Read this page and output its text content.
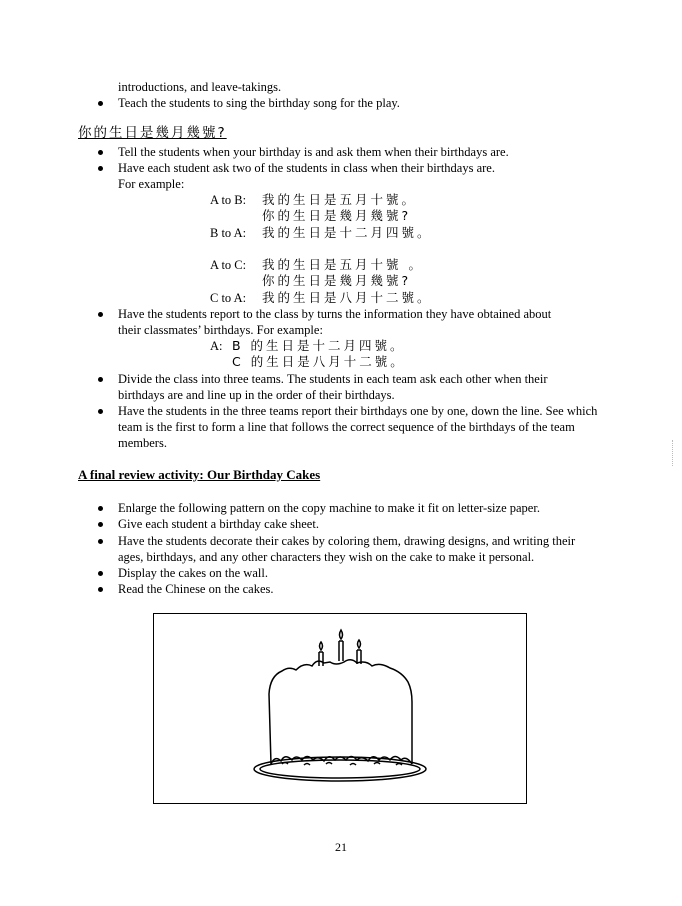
introductions, and leave-takings.
Teach the students to sing the birthday song for the play.
你的生日是幾月幾號?
Tell the students when your birthday is and ask them when their birthdays are.
Have each student ask two of the students in class when their birthdays are.
For example:
A to B: 我的生日是五月十號。
你的生日是幾月幾號?
B to A: 我的生日是十二月四號。
A to C: 我的生日是五月十號 。
你的生日是幾月幾號?
C to A: 我的生日是八月十二號。
Have the students report to the class by turns the information they have obtained about
their classmates’ birthdays. For example:
A: B 的生日是十二月四號。
C 的生日是八月十二號。
Divide the class into three teams. The students in each team ask each other when their birthdays are and line up in the order of their birthdays.
Have the students in the three teams report their birthdays one by one, down the line. See which team is the first to form a line that follows the correct sequence of the birthdays of the team members.
A final review activity: Our Birthday Cakes
Enlarge the following pattern on the copy machine to make it fit on letter-size paper.
Give each student a birthday cake sheet.
Have the students decorate their cakes by coloring them, drawing designs, and writing their ages, birthdays, and any other characters they wish on the cake to make it personal.
Display the cakes on the wall.
Read the Chinese on the cakes.
21
